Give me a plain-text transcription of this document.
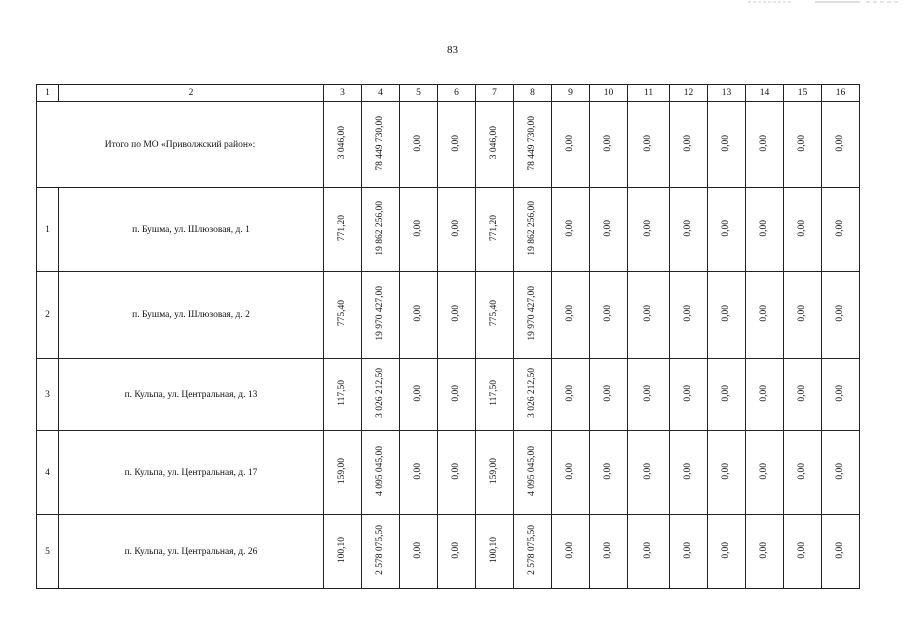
83
1	2	3	4	5	6	7	8	9	10	11	12	13	14	15	16
Итого по МО «Приволжский район»:		3 046,00	78 449 730,00	0,00	0,00	3 046,00	78 449 730,00	0,00	0,00	0,00	0,00	0,00	0,00	0,00	0,00
1	п. Бушма, ул. Шлюзовая, д. 1	771,20	19 862 256,00	0,00	0,00	771,20	19 862 256,00	0,00	0,00	0,00	0,00	0,00	0,00	0,00	0,00
2	п. Бушма, ул. Шлюзовая, д. 2	775,40	19 970 427,00	0,00	0,00	775,40	19 970 427,00	0,00	0,00	0,00	0,00	0,00	0,00	0,00	0,00
3	п. Кульпа, ул. Центральная, д. 13	117,50	3 026 212,50	0,00	0,00	117,50	3 026 212,50	0,00	0,00	0,00	0,00	0,00	0,00	0,00	0,00
4	п. Кульпа, ул. Центральная, д. 17	159,00	4 095 045,00	0,00	0,00	159,00	4 095 045,00	0,00	0,00	0,00	0,00	0,00	0,00	0,00	0,00
5	п. Кульпа, ул. Центральная, д. 26	100,10	2 578 075,50	0,00	0,00	100,10	2 578 075,50	0,00	0,00	0,00	0,00	0,00	0,00	0,00	0,00
